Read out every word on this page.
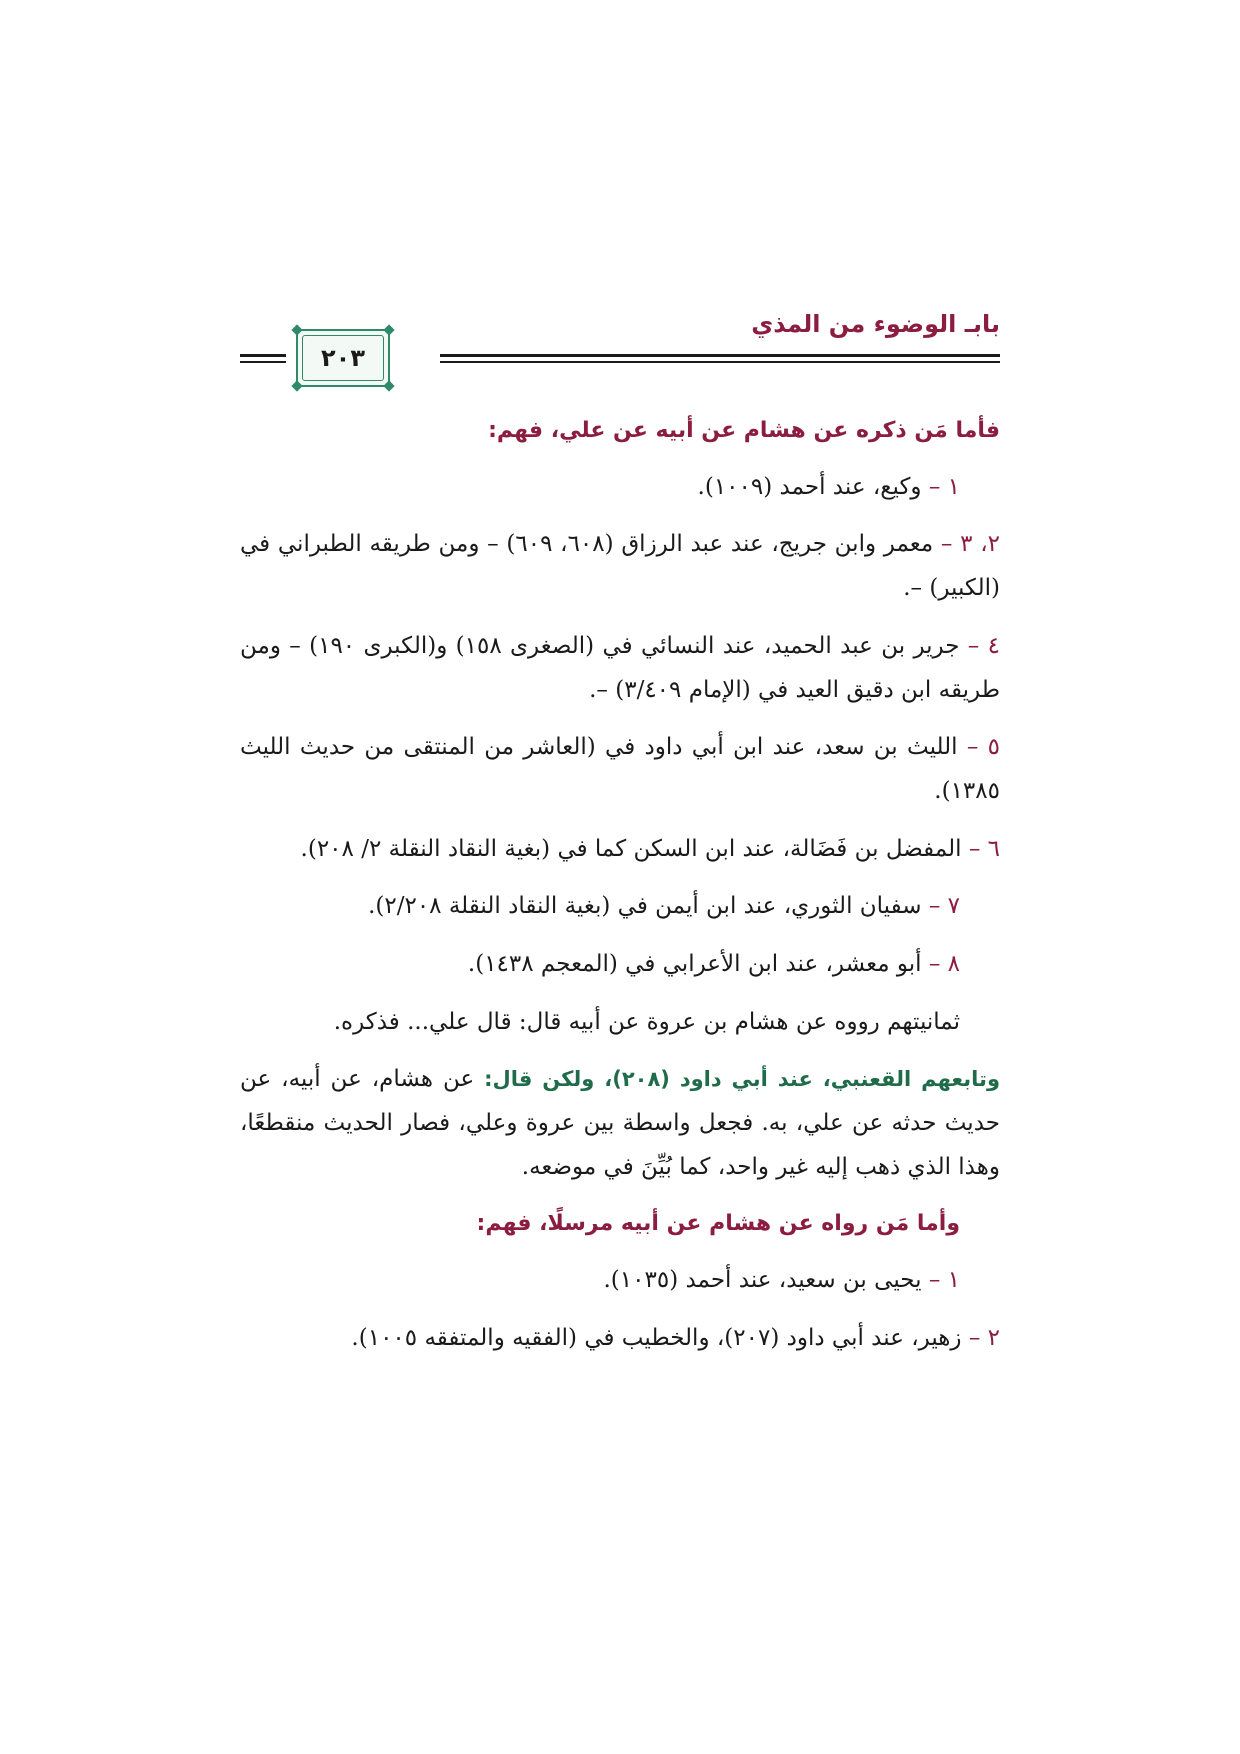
بابـ الوضوء من المذي
٢٠٣

فأما مَن ذكره عن هشام عن أبيه عن علي، فهم:

١ – وكيع، عند أحمد (١٠٠٩).

٢، ٣ – معمر وابن جريج، عند عبد الرزاق (٦٠٨، ٦٠٩) – ومن طريقه الطبراني في (الكبير) –.

٤ – جرير بن عبد الحميد، عند النسائي في (الصغرى ١٥٨) و(الكبرى ١٩٠) – ومن طريقه ابن دقيق العيد في (الإمام ٣/٤٠٩) –.

٥ – الليث بن سعد، عند ابن أبي داود في (العاشر من المنتقى من حديث الليث ١٣٨٥).

٦ – المفضل بن فَضَالة، عند ابن السكن كما في (بغية النقاد النقلة ٢/ ٢٠٨).

٧ – سفيان الثوري، عند ابن أيمن في (بغية النقاد النقلة ٢/٢٠٨).

٨ – أبو معشر، عند ابن الأعرابي في (المعجم ١٤٣٨).

ثمانيتهم رووه عن هشام بن عروة عن أبيه قال: قال علي... فذكره.

وتابعهم القعنبي، عند أبي داود (٢٠٨)، ولكن قال: عن هشام، عن أبيه، عن حديث حدثه عن علي، به. فجعل واسطة بين عروة وعلي، فصار الحديث منقطعًا، وهذا الذي ذهب إليه غير واحد، كما بُيِّنَ في موضعه.

وأما مَن رواه عن هشام عن أبيه مرسلًا، فهم:

١ – يحيى بن سعيد، عند أحمد (١٠٣٥).

٢ – زهير، عند أبي داود (٢٠٧)، والخطيب في (الفقيه والمتفقه ١٠٠٥).
